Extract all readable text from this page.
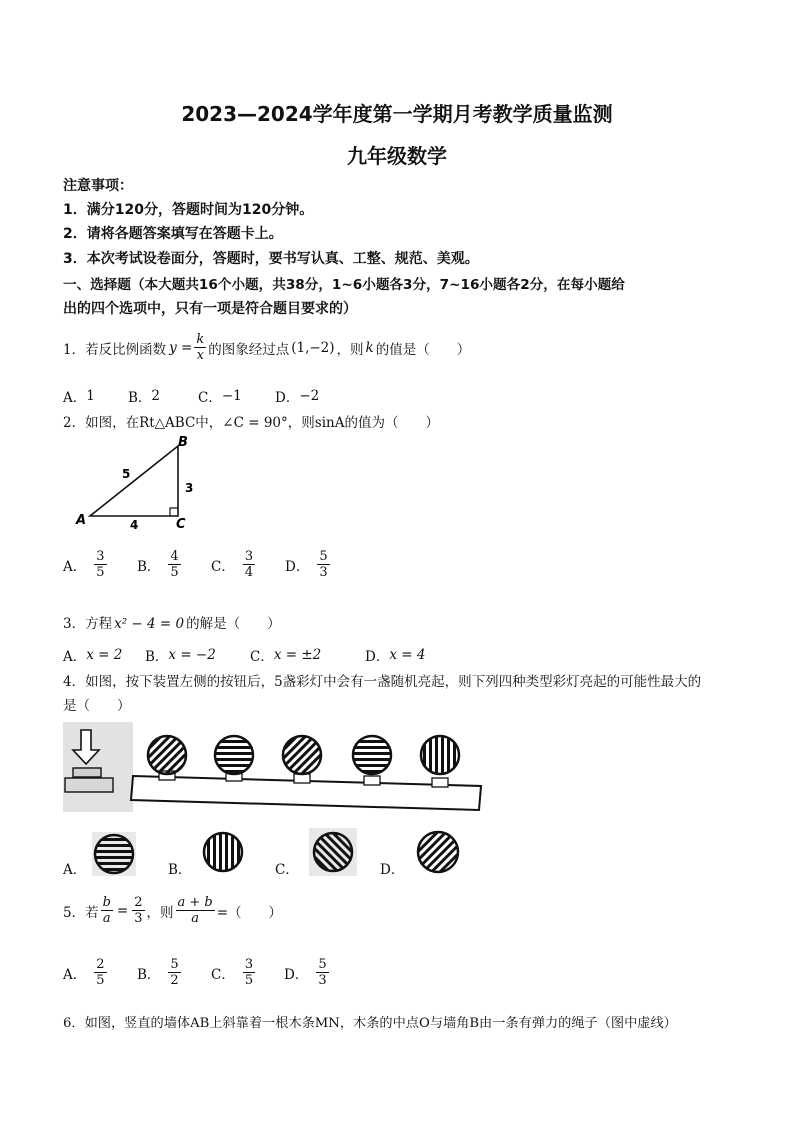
2023—2024学年度第一学期月考教学质量监测
九年级数学
注意事项：
1．满分120分，答题时间为120分钟。
2．请将各题答案填写在答题卡上。
3．本次考试设卷面分，答题时，要书写认真、工整、规范、美观。
一、选择题（本大题共16个小题，共38分，1~6小题各3分，7~16小题各2分，在每小题给
出的四个选项中，只有一项是符合题目要求的）
1．若反比例函数 $y = \frac{k}{x}$ 的图象经过点 (1,−2) ，则 k 的值是（　　）
A． 1 B． 2	C． −1 D． −2
2．如图，在Rt△ABC中，∠C = 90°，则sinA的值为（　　）
B
A	C
5
3
4
A． $\frac{3}{5}$ B． $\frac{4}{5}$ C． $\frac{3}{4}$ D． $\frac{5}{3}$
3．方程 x² − 4 = 0 的解是（　　）
A． x = 2 B． x = −2	C． x = ±2	D． x = 4
4．如图，按下装置左侧的按钮后，5盏彩灯中会有一盏随机亮起，则下列四种类型彩灯亮起的可能性最大的
是（　　）
A．	B．	C．	D．
5．若 $\frac{b}{a} = \frac{2}{3}$ ，则 $\frac{a + b}{a}$ =（　　）
A． $\frac{2}{5}$ B． $\frac{5}{2}$ C． $\frac{3}{5}$ D． $\frac{5}{3}$
6．如图，竖直的墙体AB上斜靠着一根木条MN，木条的中点O与墙角B由一条有弹力的绳子（图中虚线）
